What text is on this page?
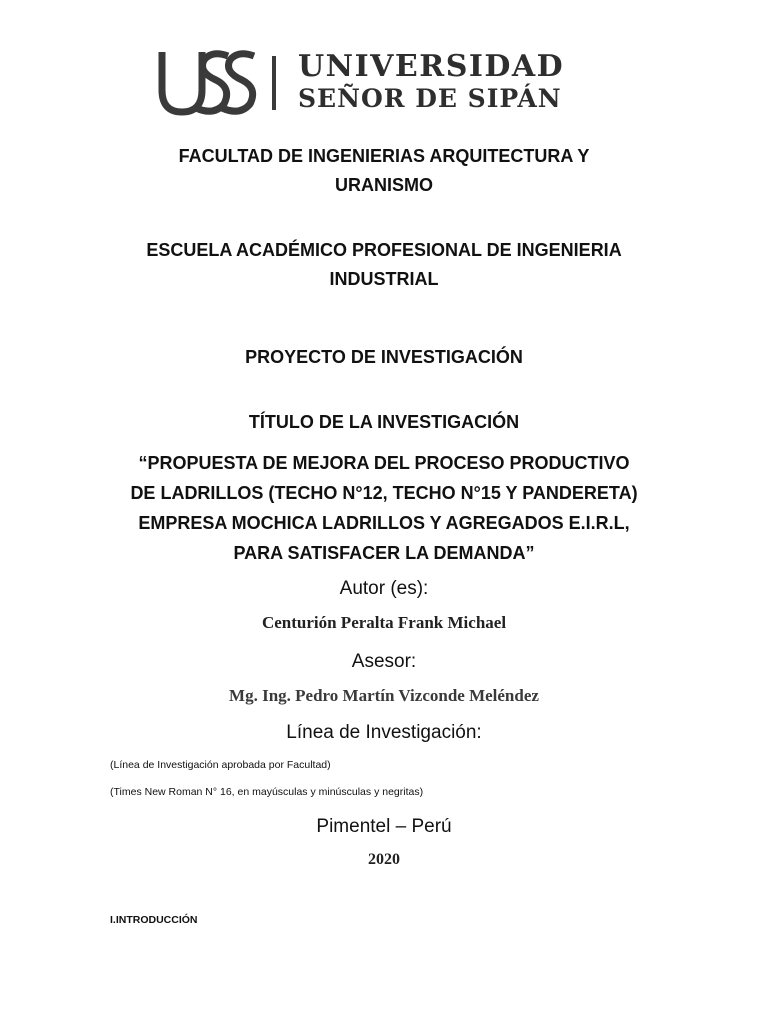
UNIVERSIDAD
SEÑOR DE SIPÁN
FACULTAD DE INGENIERIAS ARQUITECTURA Y
URANISMO
ESCUELA ACADÉMICO PROFESIONAL DE INGENIERIA
INDUSTRIAL
PROYECTO DE INVESTIGACIÓN
TÍTULO DE LA INVESTIGACIÓN
“PROPUESTA DE MEJORA DEL PROCESO PRODUCTIVO
DE LADRILLOS (TECHO N°12, TECHO N°15 Y PANDERETA)
EMPRESA MOCHICA LADRILLOS Y AGREGADOS E.I.R.L,
PARA SATISFACER LA DEMANDA”
Autor (es):
Centurión Peralta Frank Michael
Asesor:
Mg. Ing. Pedro Martín Vizconde Meléndez
Línea de Investigación:
(Línea de Investigación aprobada por Facultad)
(Times New Roman N° 16, en mayúsculas y minúsculas y negritas)
Pimentel – Perú
2020
I.INTRODUCCIÓN
